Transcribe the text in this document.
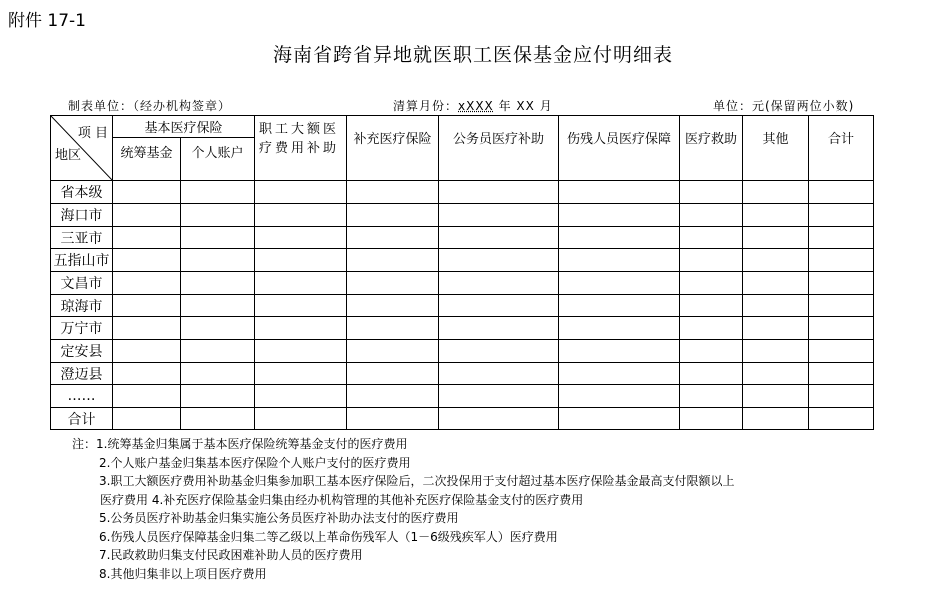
附件 17-1
海南省跨省异地就医职工医保基金应付明细表
制表单位：（经办机构签章）	清算月份：xXXX 年 XX 月	单位：元(保留两位小数)
项 目
地区	基本医疗保险		职工大额医疗费用补助	补充医疗保险	公务员医疗补助	伤残人员医疗保障	医疗救助	其他	合计
	统筹基金	个人账户							
省本级									
海口市									
三亚市									
五指山市									
文昌市									
琼海市									
万宁市									
定安县									
澄迈县									
……									
合计									
注：1.统筹基金归集属于基本医疗保险统筹基金支付的医疗费用
2.个人账户基金归集基本医疗保险个人账户支付的医疗费用
3.职工大额医疗费用补助基金归集参加职工基本医疗保险后，二次投保用于支付超过基本医疗保险基金最高支付限额以上
医疗费用 4.补充医疗保险基金归集由经办机构管理的其他补充医疗保险基金支付的医疗费用
5.公务员医疗补助基金归集实施公务员医疗补助办法支付的医疗费用
6.伤残人员医疗保障基金归集二等乙级以上革命伤残军人（1－6级残疾军人）医疗费用
7.民政救助归集支付民政困难补助人员的医疗费用
8.其他归集非以上项目医疗费用
